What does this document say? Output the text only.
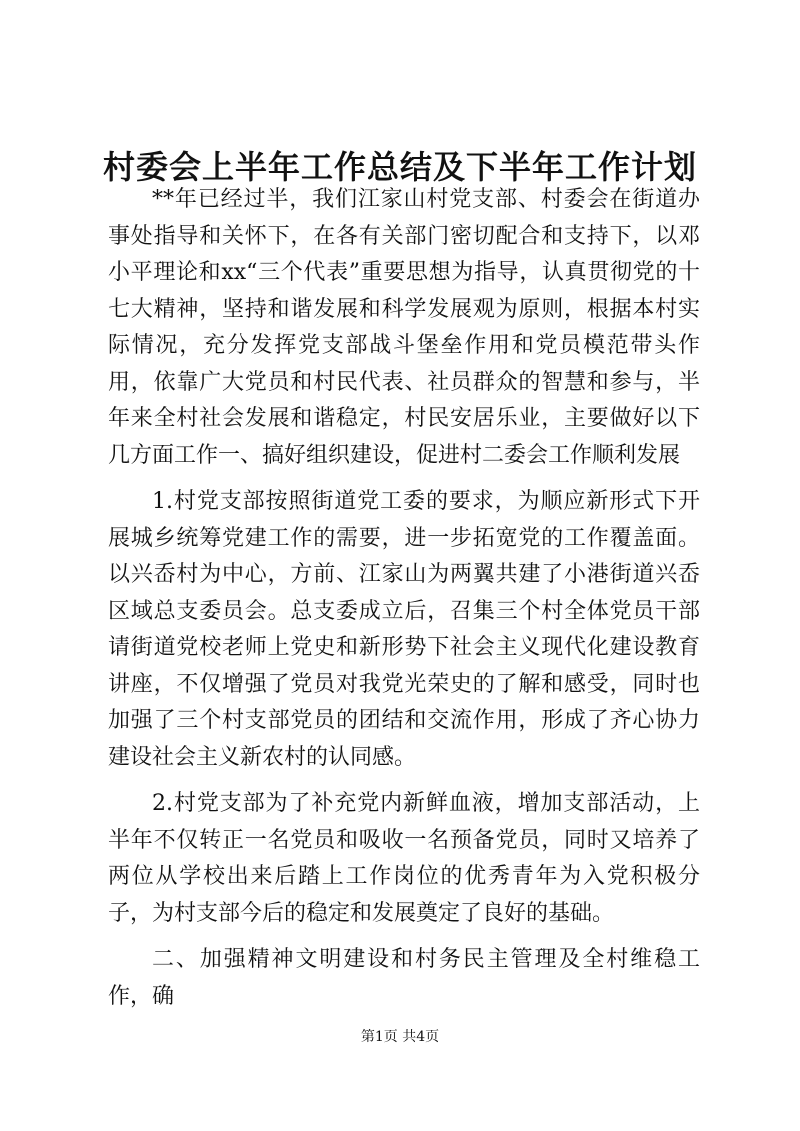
村委会上半年工作总结及下半年工作计划

**年已经过半，我们江家山村党支部、村委会在街道办事处指导和关怀下，在各有关部门密切配合和支持下，以邓小平理论和xx“三个代表”重要思想为指导，认真贯彻党的十七大精神，坚持和谐发展和科学发展观为原则，根据本村实际情况，充分发挥党支部战斗堡垒作用和党员模范带头作用，依靠广大党员和村民代表、社员群众的智慧和参与，半年来全村社会发展和谐稳定，村民安居乐业，主要做好以下几方面工作一、搞好组织建设，促进村二委会工作顺利发展

1.村党支部按照街道党工委的要求，为顺应新形式下开展城乡统筹党建工作的需要，进一步拓宽党的工作覆盖面。以兴岙村为中心，方前、江家山为两翼共建了小港街道兴岙区域总支委员会。总支委成立后，召集三个村全体党员干部请街道党校老师上党史和新形势下社会主义现代化建设教育讲座，不仅增强了党员对我党光荣史的了解和感受，同时也加强了三个村支部党员的团结和交流作用，形成了齐心协力建设社会主义新农村的认同感。

2.村党支部为了补充党内新鲜血液，增加支部活动，上半年不仅转正一名党员和吸收一名预备党员，同时又培养了两位从学校出来后踏上工作岗位的优秀青年为入党积极分子，为村支部今后的稳定和发展奠定了良好的基础。

二、加强精神文明建设和村务民主管理及全村维稳工作，确

第1页 共4页
